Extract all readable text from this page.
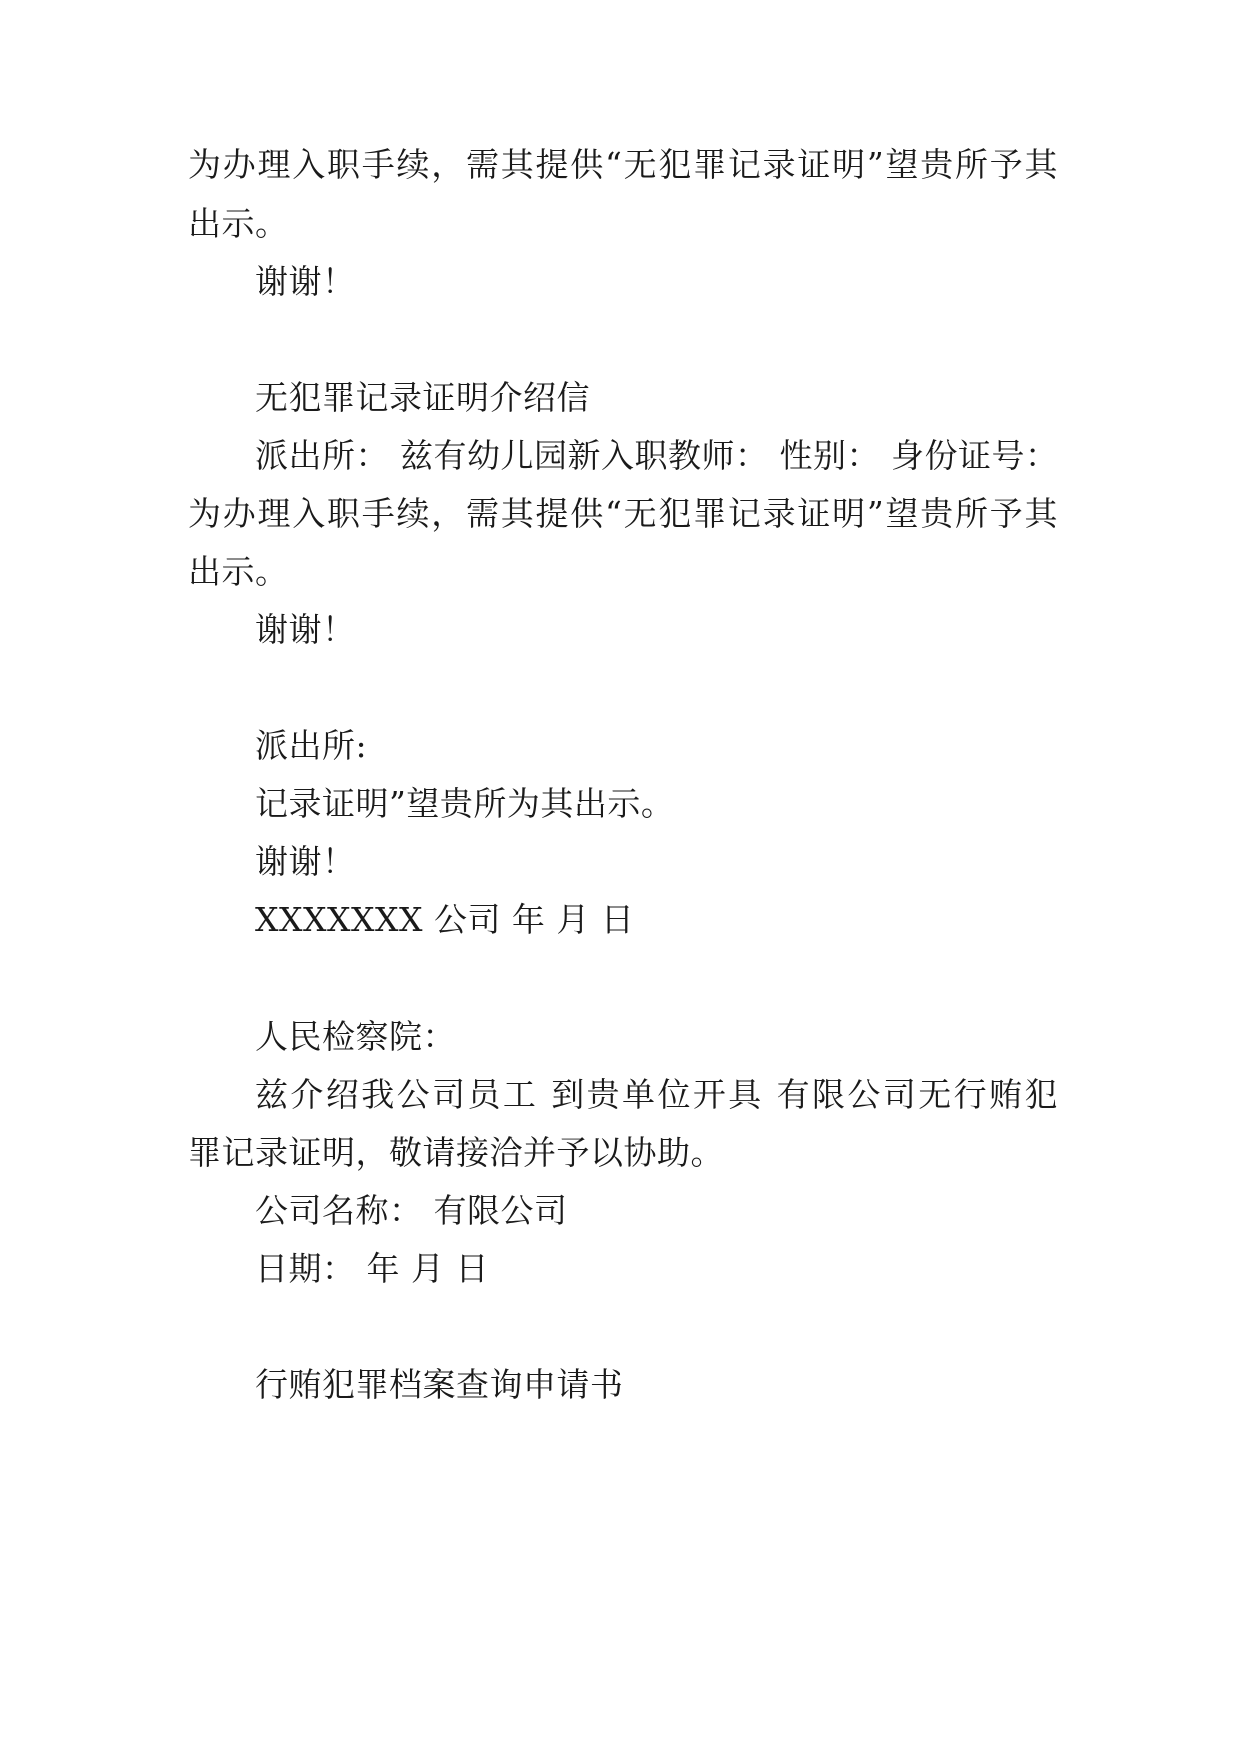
为办理入职手续，需其提供“无犯罪记录证明”望贵所予其
出示。
谢谢！
无犯罪记录证明介绍信
派出所： 兹有幼儿园新入职教师： 性别： 身份证号：
为办理入职手续，需其提供“无犯罪记录证明”望贵所予其
出示。
谢谢！
派出所:
记录证明”望贵所为其出示。
谢谢！
XXXXXXX 公司 年 月 日
人民检察院：
兹介绍我公司员工 到贵单位开具 有限公司无行贿犯
罪记录证明，敬请接洽并予以协助。
公司名称： 有限公司
日期： 年 月 日
行贿犯罪档案查询申请书
